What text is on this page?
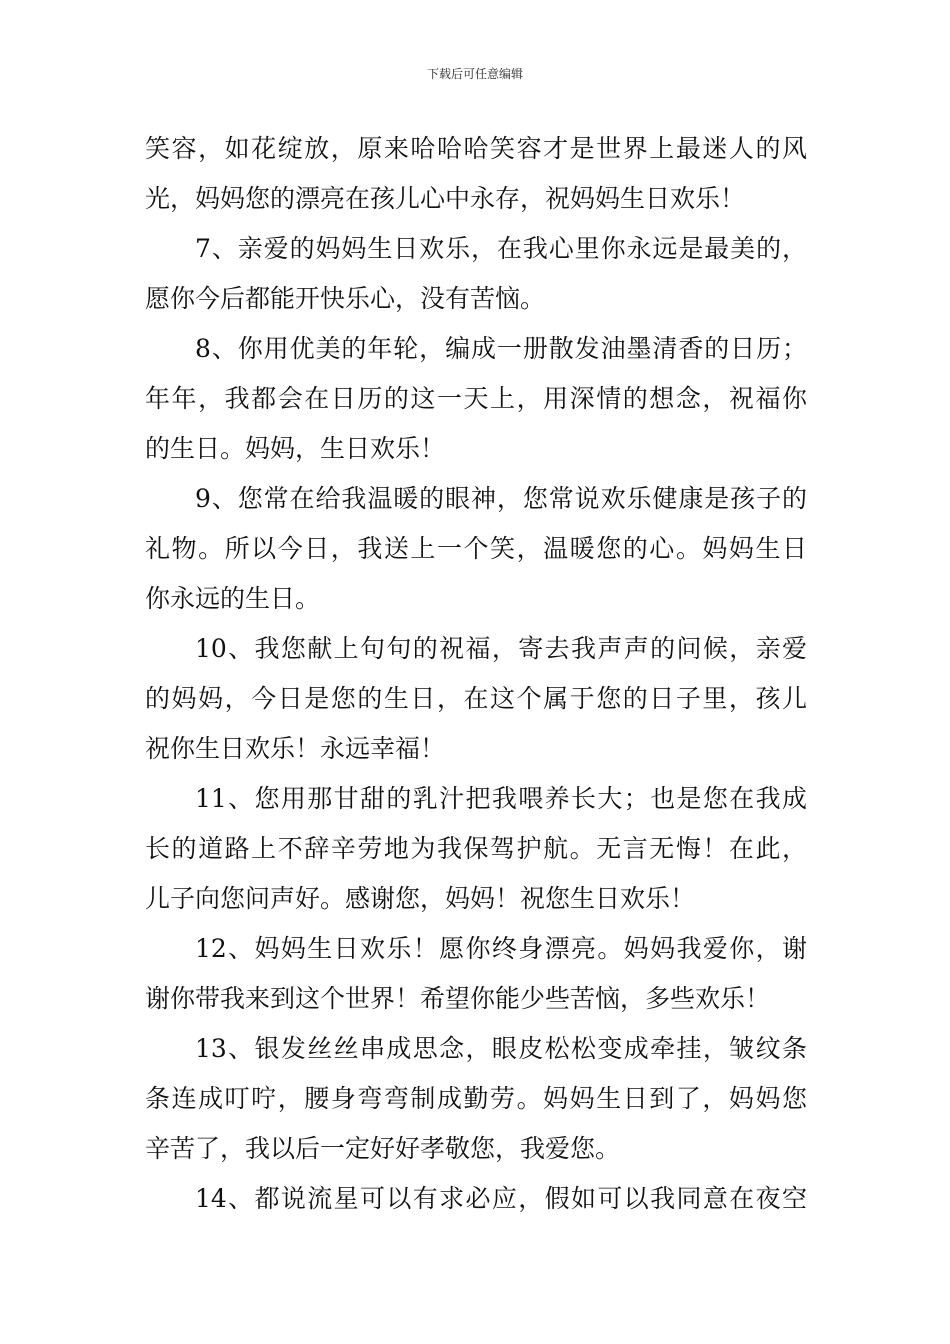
下载后可任意编辑
笑容，如花绽放，原来哈哈哈笑容才是世界上最迷人的风
光，妈妈您的漂亮在孩儿心中永存，祝妈妈生日欢乐！
7、亲爱的妈妈生日欢乐，在我心里你永远是最美的，
愿你今后都能开快乐心，没有苦恼。
8、你用优美的年轮，编成一册散发油墨清香的日历；
年年，我都会在日历的这一天上，用深情的想念，祝福你
的生日。妈妈，生日欢乐！
9、您常在给我温暖的眼神，您常说欢乐健康是孩子的
礼物。所以今日，我送上一个笑，温暖您的心。妈妈生日
你永远的生日。
10、我您献上句句的祝福，寄去我声声的问候，亲爱
的妈妈，今日是您的生日，在这个属于您的日子里，孩儿
祝你生日欢乐！永远幸福！
11、您用那甘甜的乳汁把我喂养长大；也是您在我成
长的道路上不辞辛劳地为我保驾护航。无言无悔！在此，
儿子向您问声好。感谢您，妈妈！祝您生日欢乐！
12、妈妈生日欢乐！愿你终身漂亮。妈妈我爱你，谢
谢你带我来到这个世界！希望你能少些苦恼，多些欢乐！
13、银发丝丝串成思念，眼皮松松变成牵挂，皱纹条
条连成叮咛，腰身弯弯制成勤劳。妈妈生日到了，妈妈您
辛苦了，我以后一定好好孝敬您，我爱您。
14、都说流星可以有求必应，假如可以我同意在夜空
